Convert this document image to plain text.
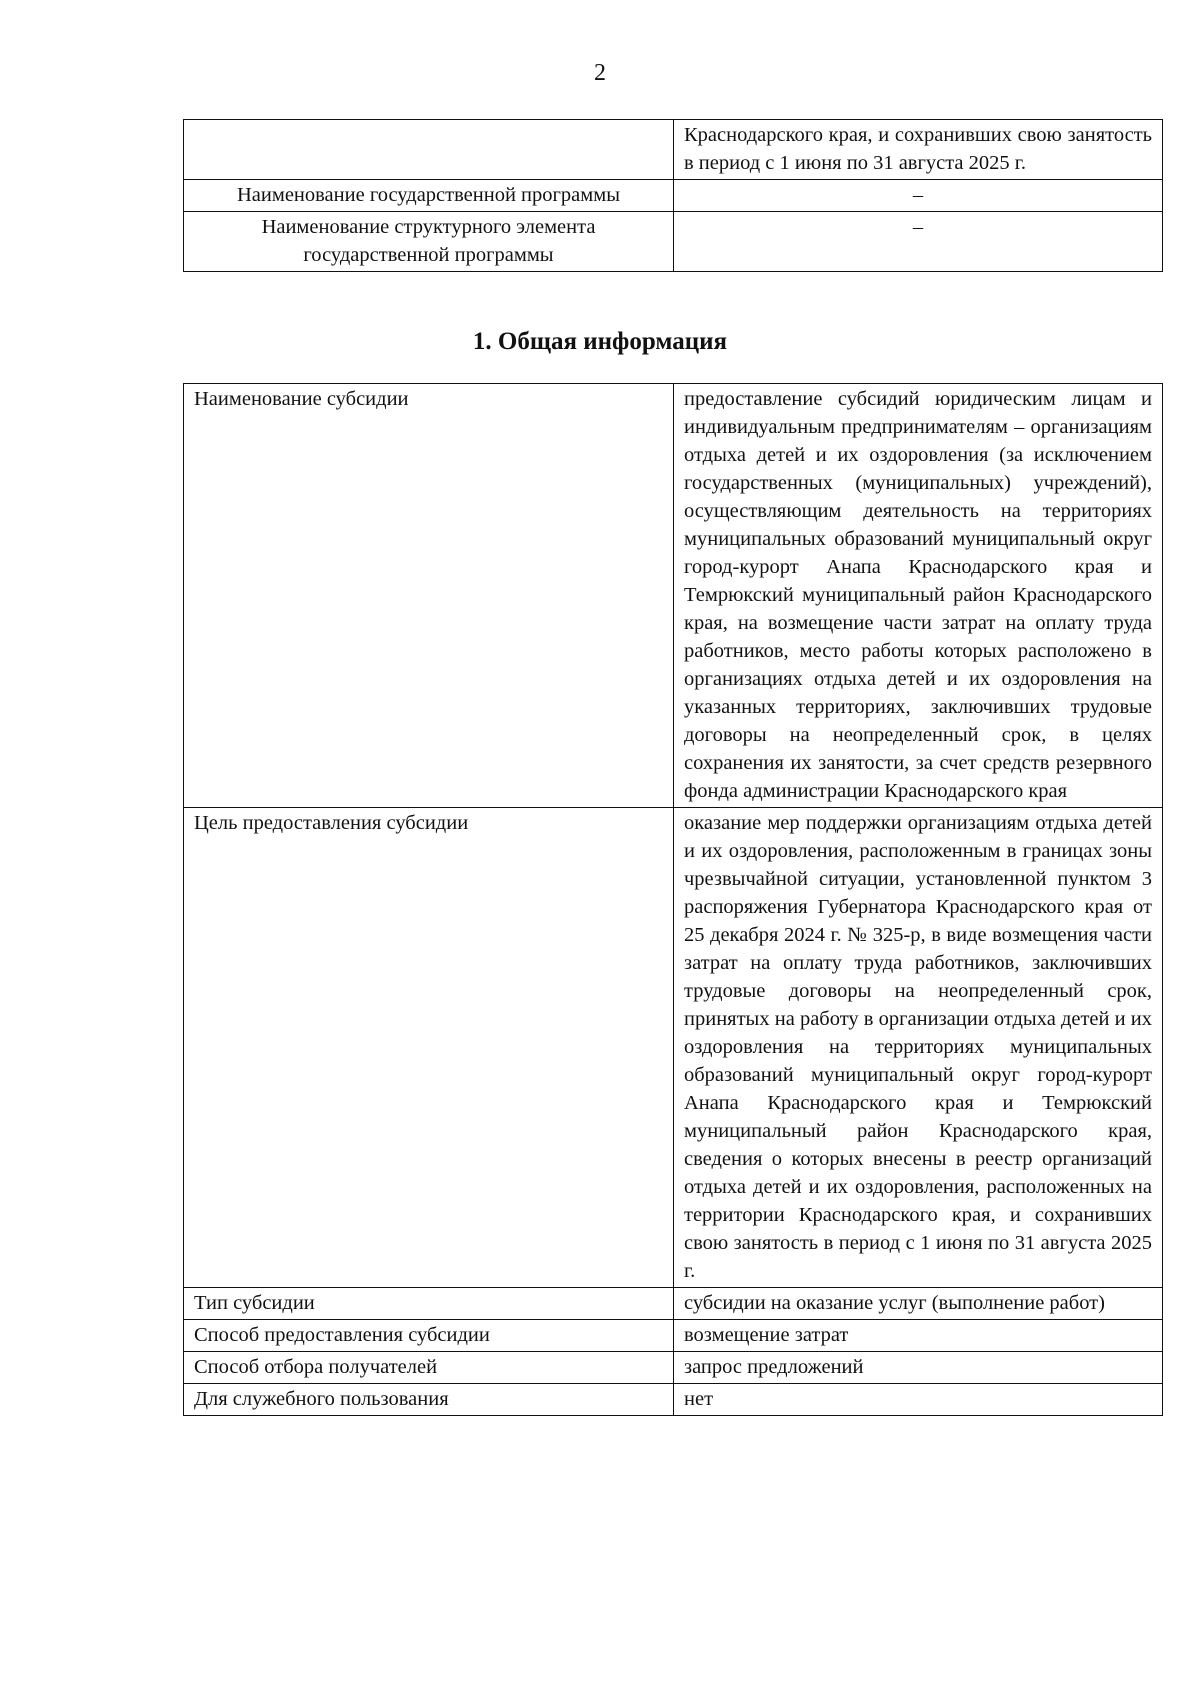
2
	Краснодарского края, и сохранивших свою занятость в период с 1 июня по 31 августа 2025 г.
Наименование государственной программы	–
Наименование структурного элемента государственной программы	–
1. Общая информация
Наименование субсидии	предоставление субсидий юридическим лицам и индивидуальным предпринимателям – организациям отдыха детей и их оздоровления (за исключением государственных (муниципальных) учреждений), осуществляющим деятельность на территориях муниципальных образований муниципальный округ город-курорт Анапа Краснодарского края и Темрюкский муниципальный район Краснодарского края, на возмещение части затрат на оплату труда работников, место работы которых расположено в организациях отдыха детей и их оздоровления на указанных территориях, заключивших трудовые договоры на неопределенный срок, в целях сохранения их занятости, за счет средств резервного фонда администрации Краснодарского края
Цель предоставления субсидии	оказание мер поддержки организациям отдыха детей и их оздоровления, расположенным в границах зоны чрезвычайной ситуации, установленной пунктом 3 распоряжения Губернатора Краснодарского края от 25 декабря 2024 г. № 325-р, в виде возмещения части затрат на оплату труда работников, заключивших трудовые договоры на неопределенный срок, принятых на работу в организации отдыха детей и их оздоровления на территориях муниципальных образований муниципальный округ город-курорт Анапа Краснодарского края и Темрюкский муниципальный район Краснодарского края, сведения о которых внесены в реестр организаций отдыха детей и их оздоровления, расположенных на территории Краснодарского края, и сохранивших свою занятость в период с 1 июня по 31 августа 2025 г.
Тип субсидии	субсидии на оказание услуг (выполнение работ)
Способ предоставления субсидии	возмещение затрат
Способ отбора получателей	запрос предложений
Для служебного пользования	нет
